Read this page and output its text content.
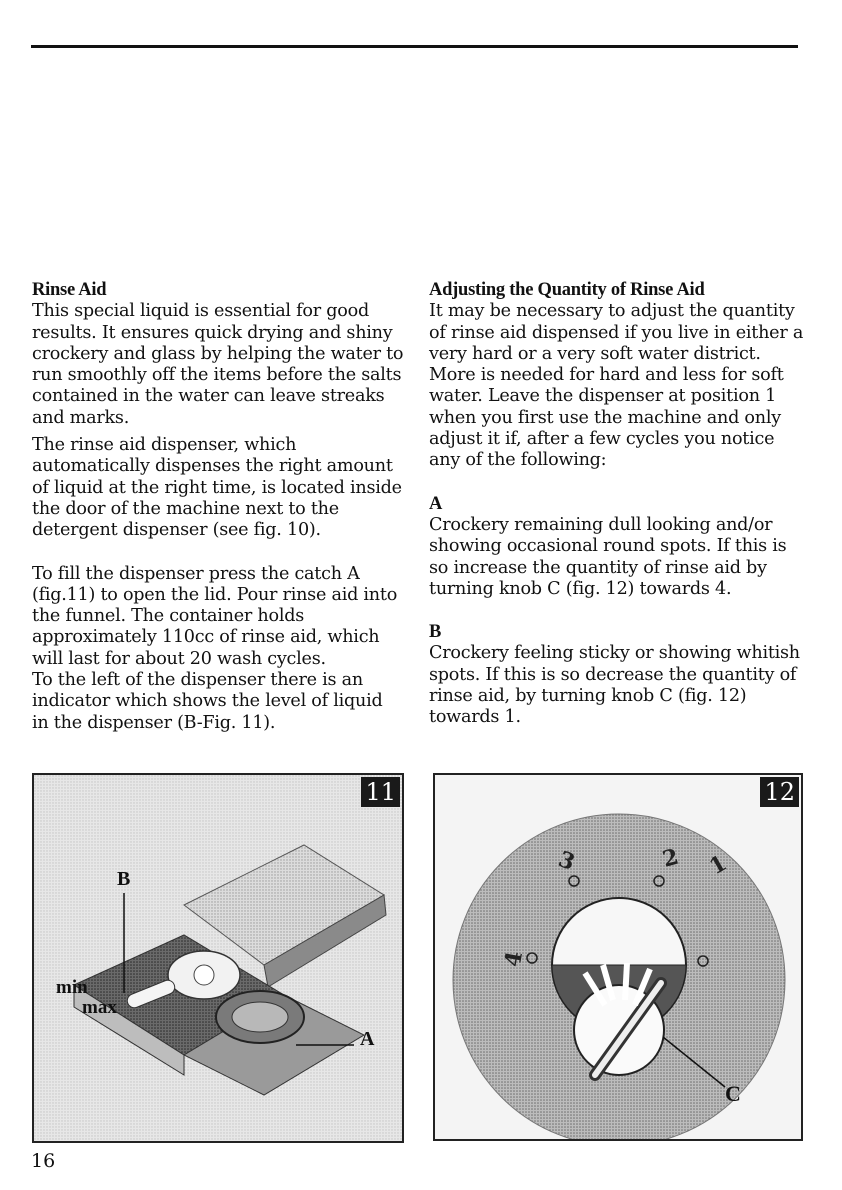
Rinse Aid

This special liquid is essential for good results. It ensures quick drying and shiny crockery and glass by helping the water to run smoothly off the items before the salts contained in the water can leave streaks and marks.

The rinse aid dispenser, which automatically dispenses the right amount of liquid at the right time, is located inside the door of the machine next to the detergent dispenser (see fig. 10).

To fill the dispenser press the catch A (fig.11) to open the lid. Pour rinse aid into the funnel. The container holds approximately 110cc of rinse aid, which will last for about 20 wash cycles.

To the left of the dispenser there is an indicator which shows the level of liquid in the dispenser (B-Fig. 11).

Adjusting the Quantity of Rinse Aid

It may be necessary to adjust the quantity of rinse aid dispensed if you live in either a very hard or a very soft water district. More is needed for hard and less for soft water. Leave the dispenser at position 1 when you first use the machine and only adjust it if, after a few cycles you notice any of the following:

A

Crockery remaining dull looking and/or showing occasional round spots. If this is so increase the quantity of rinse aid by turning knob C (fig. 12) towards 4.

B

Crockery feeling sticky or showing whitish spots. If this is so decrease the quantity of rinse aid, by turning knob C (fig. 12) towards 1.

B
min
max
A
11
1
2
3
4
C
12
16
